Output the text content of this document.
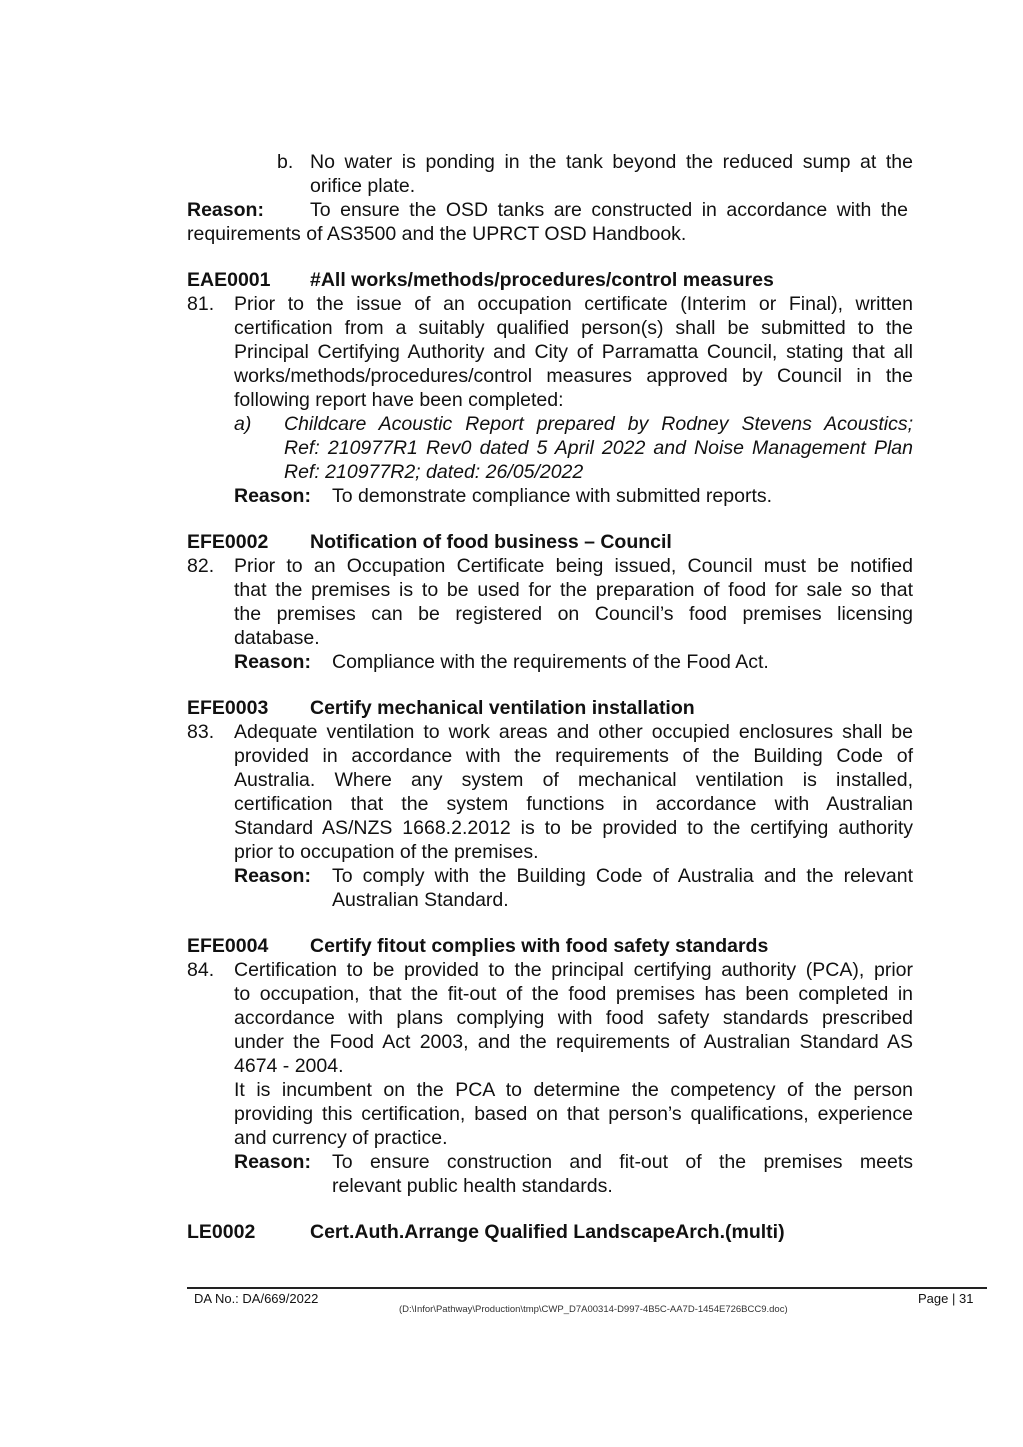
b. No water is ponding in the tank beyond the reduced sump at the
orifice plate.
Reason: To ensure the OSD tanks are constructed in accordance with the
requirements of AS3500 and the UPRCT OSD Handbook.
EAE0001 #All works/methods/procedures/control measures
81. Prior to the issue of an occupation certificate (Interim or Final), written
certification from a suitably qualified person(s) shall be submitted to the
Principal Certifying Authority and City of Parramatta Council, stating that all
works/methods/procedures/control measures approved by Council in the
following report have been completed:
a) Childcare Acoustic Report prepared by Rodney Stevens Acoustics;
Ref: 210977R1 Rev0 dated 5 April 2022 and Noise Management Plan
Ref: 210977R2; dated: 26/05/2022
Reason: To demonstrate compliance with submitted reports.
EFE0002 Notification of food business – Council
82. Prior to an Occupation Certificate being issued, Council must be notified
that the premises is to be used for the preparation of food for sale so that
the premises can be registered on Council’s food premises licensing
database.
Reason: Compliance with the requirements of the Food Act.
EFE0003 Certify mechanical ventilation installation
83. Adequate ventilation to work areas and other occupied enclosures shall be
provided in accordance with the requirements of the Building Code of
Australia. Where any system of mechanical ventilation is installed,
certification that the system functions in accordance with Australian
Standard AS/NZS 1668.2.2012 is to be provided to the certifying authority
prior to occupation of the premises.
Reason: To comply with the Building Code of Australia and the relevant
Australian Standard.
EFE0004 Certify fitout complies with food safety standards
84. Certification to be provided to the principal certifying authority (PCA), prior
to occupation, that the fit-out of the food premises has been completed in
accordance with plans complying with food safety standards prescribed
under the Food Act 2003, and the requirements of Australian Standard AS
4674 - 2004.
It is incumbent on the PCA to determine the competency of the person
providing this certification, based on that person’s qualifications, experience
and currency of practice.
Reason: To ensure construction and fit-out of the premises meets
relevant public health standards.
LE0002	Cert.Auth.Arrange Qualified LandscapeArch.(multi)
DA No.: DA/669/2022
(D:\Infor\Pathway\Production\tmp\CWP_D7A00314-D997-4B5C-AA7D-1454E726BCC9.doc)
Page | 31
